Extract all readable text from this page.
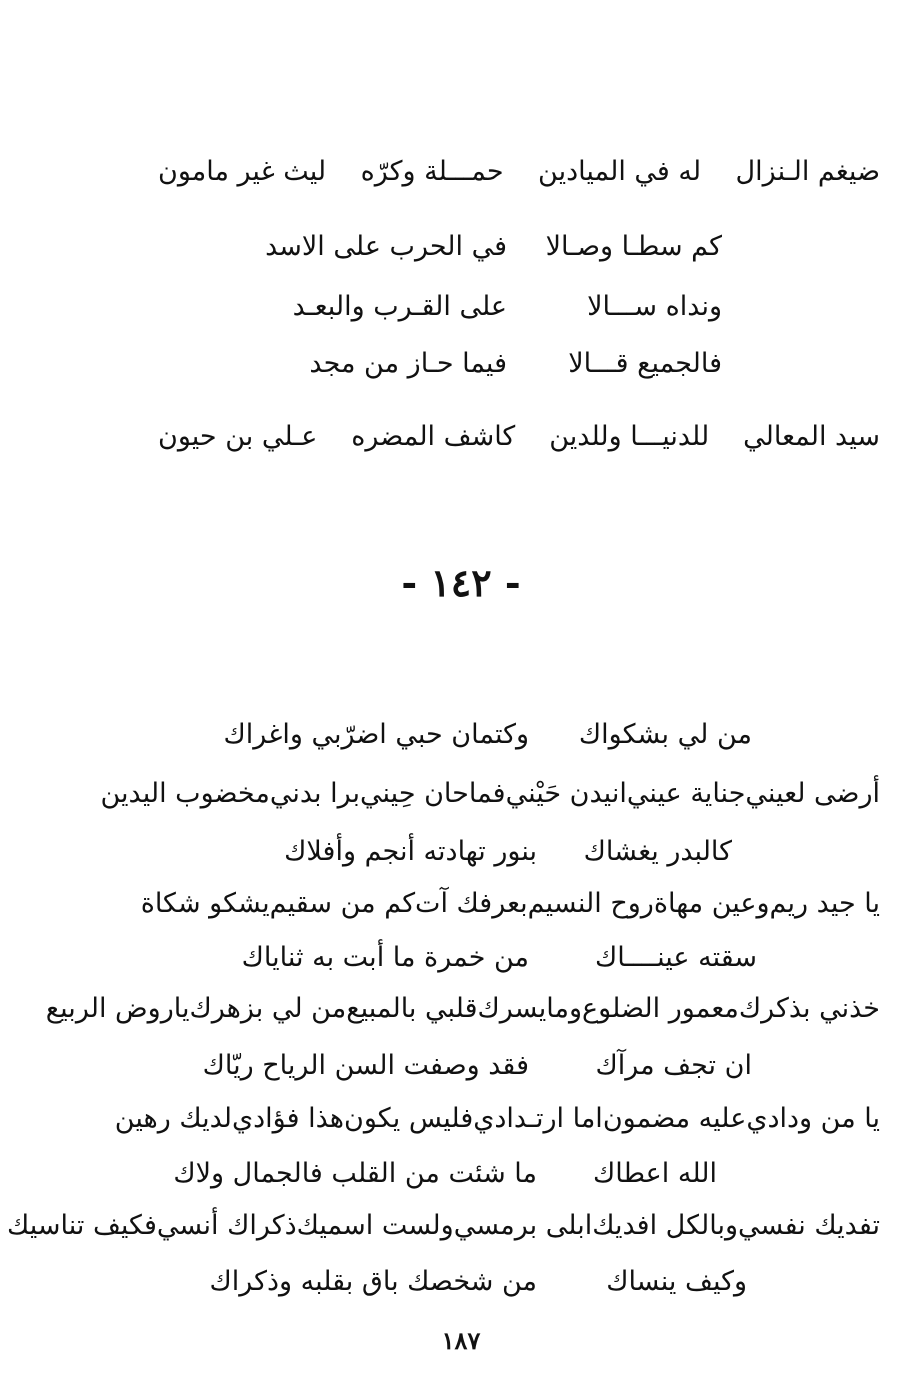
ضيغم الـنزال
له في الميادين
حمـــلة وكرّه
ليث غير مامون
كم سطـا وصـالا
في الحرب على الاسد
ونداه ســـالا
على القـرب والبعـد
فالجميع قـــالا
فيما حـاز من مجد
سيد المعالي
للدنيـــا وللدين
كاشف المضره
عـلي بن حيون
- ١٤٢ -
من لي بشكواك
وكتمان حبي اضرّبي واغراك
أرضى لعيني
جناية عيني
انيدن حَيْني
فماحان حِيني
برا بدني
مخضوب اليدين
كالبدر يغشاك
بنور تهادته أنجم وأفلاك
يا جيد ريم
وعين مهاة
روح النسيم
بعرفك آت
كم من سقيم
يشكو شكاة
سقته عينــــاك
من خمرة ما أبت به ثناياك
خذني بذكرك
معمور الضلوع
ومايسرك
قلبي بالمبيع
من لي بزهرك
ياروض الربيع
ان تجف مرآك
فقد وصفت السن الرياح ريّاك
يا من ودادي
عليه مضمون
اما ارتـدادي
فليس يكون
هذا فؤادي
لديك رهين
الله اعطاك
ما شئت من القلب فالجمال ولاك
تفديك نفسي
وبالكل افديك
ابلى برمسي
ولست اسميك
ذكراك أنسي
فكيف تناسيك
وكيف ينساك
من شخصك باق بقلبه وذكراك
١٨٧
